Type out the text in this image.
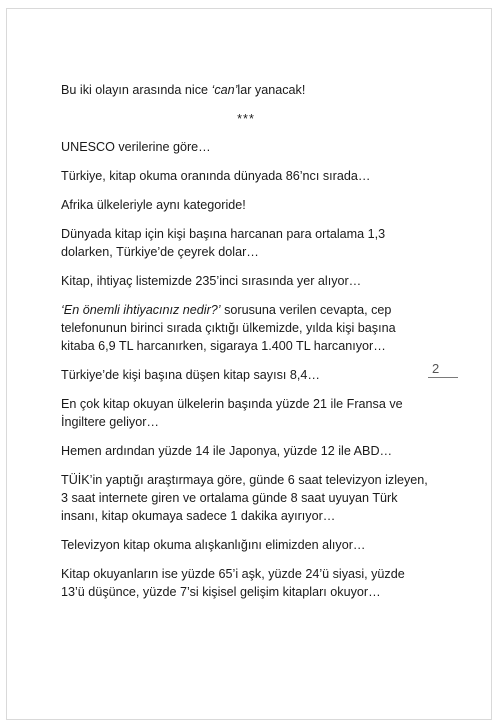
Bu iki olayın arasında nice ‘can’lar yanacak!

***

UNESCO verilerine göre…

Türkiye, kitap okuma oranında dünyada 86’ncı sırada…

Afrika ülkeleriyle aynı kategoride!

Dünyada kitap için kişi başına harcanan para ortalama 1,3 dolarken, Türkiye’de çeyrek dolar…

Kitap, ihtiyaç listemizde 235’inci sırasında yer alıyor…

‘En önemli ihtiyacınız nedir?’ sorusuna verilen cevapta, cep telefonunun birinci sırada çıktığı ülkemizde, yılda kişi başına kitaba 6,9 TL harcanırken, sigaraya 1.400 TL harcanıyor…

Türkiye’de kişi başına düşen kitap sayısı 8,4…

En çok kitap okuyan ülkelerin başında yüzde 21 ile Fransa ve İngiltere geliyor…

Hemen ardından yüzde 14 ile Japonya, yüzde 12 ile ABD…

TÜİK’in yaptığı araştırmaya göre, günde 6 saat televizyon izleyen, 3 saat internete giren ve ortalama günde 8 saat uyuyan Türk insanı, kitap okumaya sadece 1 dakika ayırıyor…

Televizyon kitap okuma alışkanlığını elimizden alıyor…

Kitap okuyanların ise yüzde 65’i aşk, yüzde 24’ü siyasi, yüzde 13’ü düşünce, yüzde 7’si kişisel gelişim kitapları okuyor…

2
